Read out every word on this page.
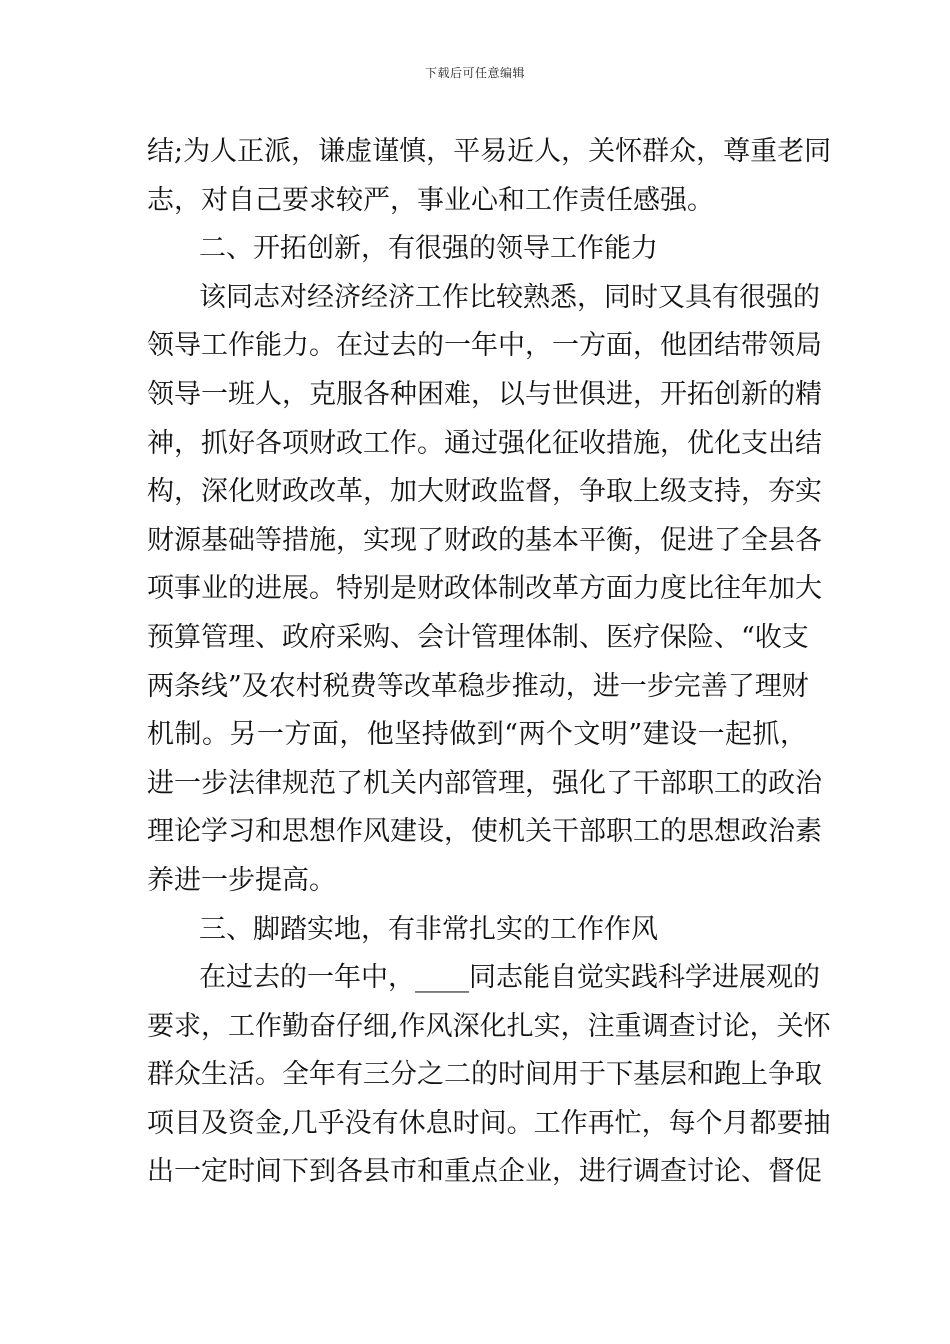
下载后可任意编辑
结;为人正派，谦虚谨慎，平易近人，关怀群众，尊重老同
志，对自己要求较严，事业心和工作责任感强。
二、开拓创新，有很强的领导工作能力
该同志对经济经济工作比较熟悉，同时又具有很强的
领导工作能力。在过去的一年中，一方面，他团结带领局
领导一班人，克服各种困难，以与世俱进，开拓创新的精
神，抓好各项财政工作。通过强化征收措施，优化支出结
构，深化财政改革，加大财政监督，争取上级支持，夯实
财源基础等措施，实现了财政的基本平衡，促进了全县各
项事业的进展。特别是财政体制改革方面力度比往年加大
预算管理、政府采购、会计管理体制、医疗保险、“收支
两条线”及农村税费等改革稳步推动，进一步完善了理财
机制。另一方面，他坚持做到“两个文明”建设一起抓，
进一步法律规范了机关内部管理，强化了干部职工的政治
理论学习和思想作风建设，使机关干部职工的思想政治素
养进一步提高。
三、脚踏实地，有非常扎实的工作作风
在过去的一年中，____同志能自觉实践科学进展观的
要求，工作勤奋仔细,作风深化扎实，注重调查讨论，关怀
群众生活。全年有三分之二的时间用于下基层和跑上争取
项目及资金,几乎没有休息时间。工作再忙，每个月都要抽
出一定时间下到各县市和重点企业，进行调查讨论、督促
